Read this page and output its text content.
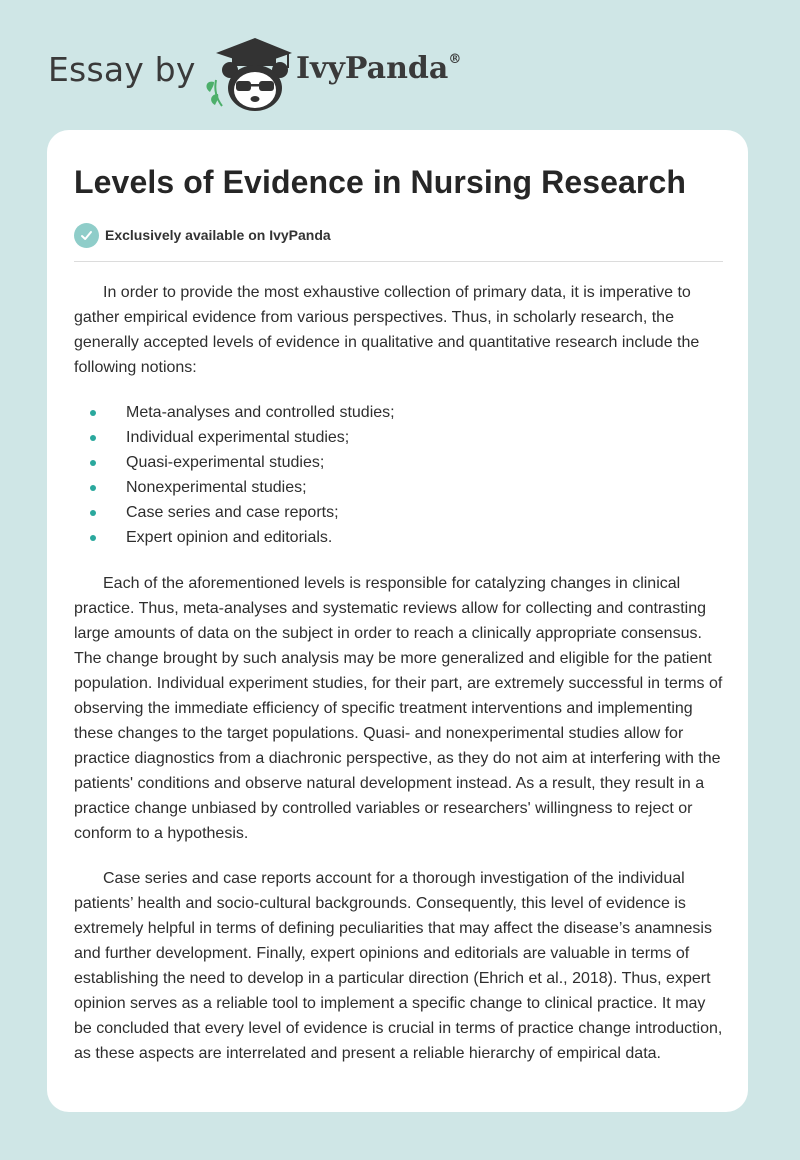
Essay by	IvyPanda®
Levels of Evidence in Nursing Research
Exclusively available on IvyPanda

In order to provide the most exhaustive collection of primary data, it is imperative to gather empirical evidence from various perspectives. Thus, in scholarly research, the generally accepted levels of evidence in qualitative and quantitative research include the following notions:

Meta-analyses and controlled studies;
Individual experimental studies;
Quasi-experimental studies;
Nonexperimental studies;
Case series and case reports;
Expert opinion and editorials.

Each of the aforementioned levels is responsible for catalyzing changes in clinical practice. Thus, meta-analyses and systematic reviews allow for collecting and contrasting large amounts of data on the subject in order to reach a clinically appropriate consensus. The change brought by such analysis may be more generalized and eligible for the patient population. Individual experiment studies, for their part, are extremely successful in terms of observing the immediate efficiency of specific treatment interventions and implementing these changes to the target populations. Quasi- and nonexperimental studies allow for practice diagnostics from a diachronic perspective, as they do not aim at interfering with the patients' conditions and observe natural development instead. As a result, they result in a practice change unbiased by controlled variables or researchers' willingness to reject or conform to a hypothesis.

Case series and case reports account for a thorough investigation of the individual patients’ health and socio-cultural backgrounds. Consequently, this level of evidence is extremely helpful in terms of defining peculiarities that may affect the disease’s anamnesis and further development. Finally, expert opinions and editorials are valuable in terms of establishing the need to develop in a particular direction (Ehrich et al., 2018). Thus, expert opinion serves as a reliable tool to implement a specific change to clinical practice. It may be concluded that every level of evidence is crucial in terms of practice change introduction, as these aspects are interrelated and present a reliable hierarchy of empirical data.
